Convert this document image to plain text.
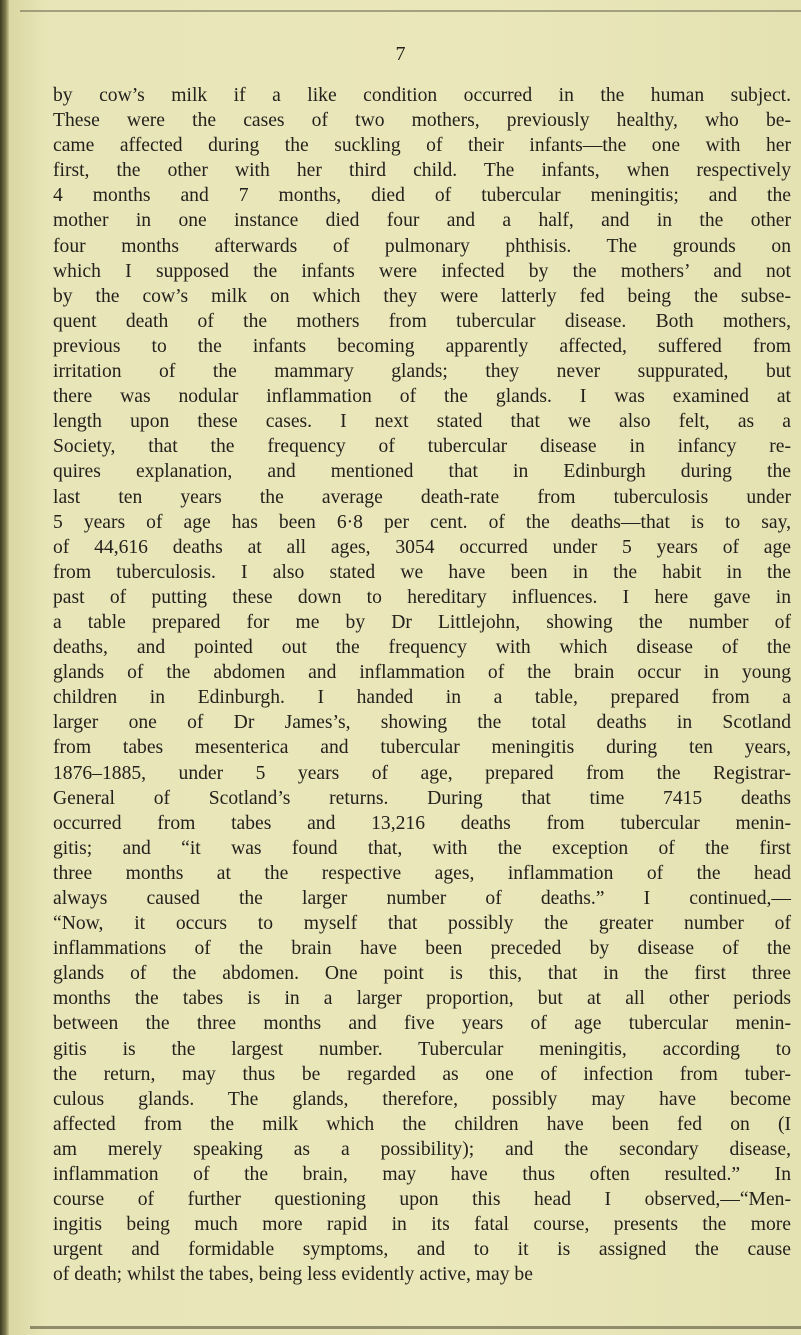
7
by cow’s milk if a like condition occurred in the human subject.
These were the cases of two mothers, previously healthy, who be-
came affected during the suckling of their infants—the one with her
first, the other with her third child. The infants, when respectively
4 months and 7 months, died of tubercular meningitis; and the
mother in one instance died four and a half, and in the other
four months afterwards of pulmonary phthisis. The grounds on
which I supposed the infants were infected by the mothers’ and not
by the cow’s milk on which they were latterly fed being the subse-
quent death of the mothers from tubercular disease. Both mothers,
previous to the infants becoming apparently affected, suffered from
irritation of the mammary glands; they never suppurated, but
there was nodular inflammation of the glands. I was examined at
length upon these cases. I next stated that we also felt, as a
Society, that the frequency of tubercular disease in infancy re-
quires explanation, and mentioned that in Edinburgh during the
last ten years the average death-rate from tuberculosis under
5 years of age has been 6·8 per cent. of the deaths—that is to say,
of 44,616 deaths at all ages, 3054 occurred under 5 years of age
from tuberculosis. I also stated we have been in the habit in the
past of putting these down to hereditary influences. I here gave in
a table prepared for me by Dr Littlejohn, showing the number of
deaths, and pointed out the frequency with which disease of the
glands of the abdomen and inflammation of the brain occur in young
children in Edinburgh. I handed in a table, prepared from a
larger one of Dr James’s, showing the total deaths in Scotland
from tabes mesenterica and tubercular meningitis during ten years,
1876–1885, under 5 years of age, prepared from the Registrar-
General of Scotland’s returns. During that time 7415 deaths
occurred from tabes and 13,216 deaths from tubercular menin-
gitis; and “it was found that, with the exception of the first
three months at the respective ages, inflammation of the head
always caused the larger number of deaths.” I continued,—
“Now, it occurs to myself that possibly the greater number of
inflammations of the brain have been preceded by disease of the
glands of the abdomen. One point is this, that in the first three
months the tabes is in a larger proportion, but at all other periods
between the three months and five years of age tubercular menin-
gitis is the largest number. Tubercular meningitis, according to
the return, may thus be regarded as one of infection from tuber-
culous glands. The glands, therefore, possibly may have become
affected from the milk which the children have been fed on (I
am merely speaking as a possibility); and the secondary disease,
inflammation of the brain, may have thus often resulted.” In
course of further questioning upon this head I observed,—“Men-
ingitis being much more rapid in its fatal course, presents the more
urgent and formidable symptoms, and to it is assigned the cause
of death; whilst the tabes, being less evidently active, may be
